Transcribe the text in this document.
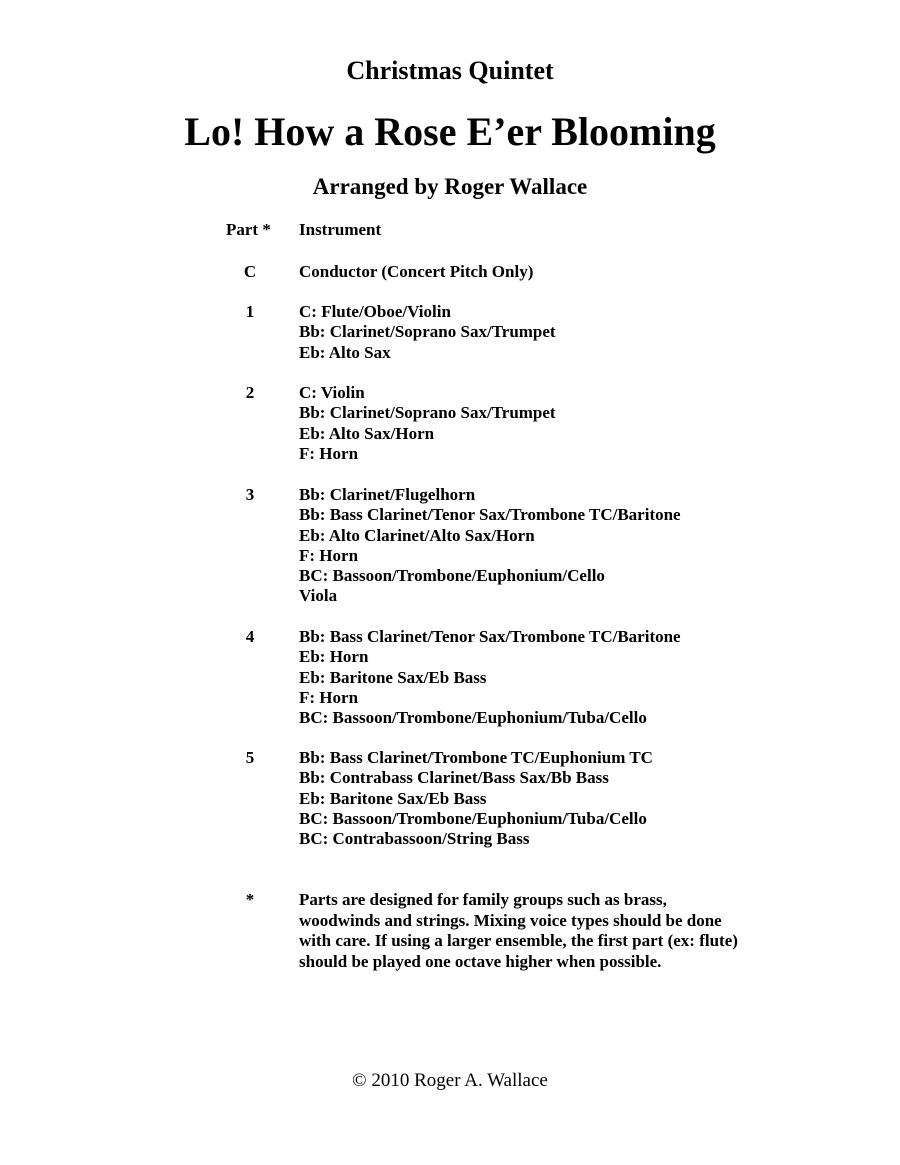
Christmas Quintet
Lo! How a Rose E’er Blooming
Arranged by Roger Wallace
Part * Instrument
C	Conductor (Concert Pitch Only)
1	C: Flute/Oboe/Violin
Bb: Clarinet/Soprano Sax/Trumpet
Eb: Alto Sax
2	C: Violin
Bb: Clarinet/Soprano Sax/Trumpet
Eb: Alto Sax/Horn
F: Horn
3	Bb: Clarinet/Flugelhorn
Bb: Bass Clarinet/Tenor Sax/Trombone TC/Baritone
Eb: Alto Clarinet/Alto Sax/Horn
F: Horn
BC: Bassoon/Trombone/Euphonium/Cello
Viola
4	Bb: Bass Clarinet/Tenor Sax/Trombone TC/Baritone
Eb: Horn
Eb: Baritone Sax/Eb Bass
F: Horn
BC: Bassoon/Trombone/Euphonium/Tuba/Cello
5	Bb: Bass Clarinet/Trombone TC/Euphonium TC
Bb: Contrabass Clarinet/Bass Sax/Bb Bass
Eb: Baritone Sax/Eb Bass
BC: Bassoon/Trombone/Euphonium/Tuba/Cello
BC: Contrabassoon/String Bass
*	Parts are designed for family groups such as brass, woodwinds and strings. Mixing voice types should be done with care. If using a larger ensemble, the first part (ex: flute) should be played one octave higher when possible.
© 2010 Roger A. Wallace
